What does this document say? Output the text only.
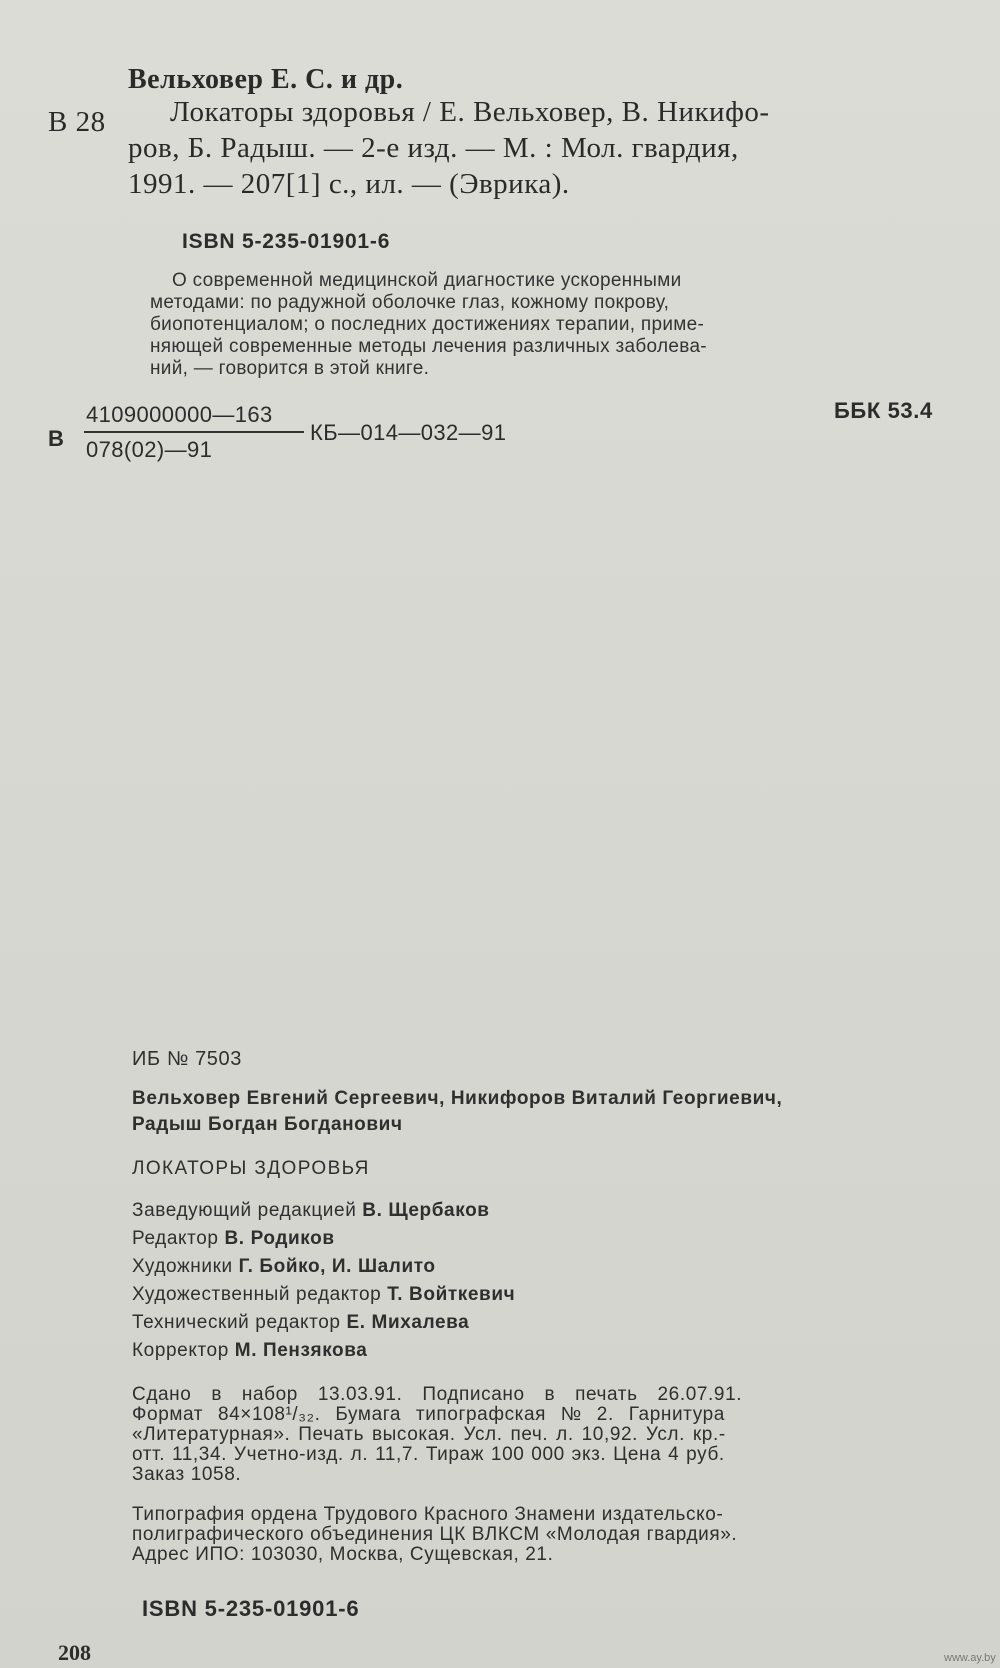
Вельховер Е. С. и др.
В 28 Локаторы здоровья / Е. Вельховер, В. Никифо-
ров, Б. Радыш. — 2-е изд. — М. : Мол. гвардия,
1991. — 207[1] с., ил. — (Эврика).
ISBN 5-235-01901-6
О современной медицинской диагностике ускоренными
методами: по радужной оболочке глаз, кожному покрову,
биопотенциалом; о последних достижениях терапии, приме-
няющей современные методы лечения различных заболева-
ний, — говорится в этой книге.
В
4109000000—163
078(02)—91
КБ—014—032—91
ББК 53.4
ИБ № 7503
Вельховер Евгений Сергеевич, Никифоров Виталий Георгиевич,
Радыш Богдан Богданович
ЛОКАТОРЫ ЗДОРОВЬЯ
Заведующий редакцией В. Щербаков
Редактор В. Родиков
Художники Г. Бойко, И. Шалито
Художественный редактор Т. Войткевич
Технический редактор Е. Михалева
Корректор М. Пензякова
Сдано в набор 13.03.91. Подписано в печать 26.07.91.
Формат 84×108¹/₃₂. Бумага типографская № 2. Гарнитура
«Литературная». Печать высокая. Усл. печ. л. 10,92. Усл. кр.-
отт. 11,34. Учетно-изд. л. 11,7. Тираж 100 000 экз. Цена 4 руб.
Заказ 1058.
Типография ордена Трудового Красного Знамени издательско-
полиграфического объединения ЦК ВЛКСМ «Молодая гвардия».
Адрес ИПО: 103030, Москва, Сущевская, 21.
ISBN 5-235-01901-6
208	www.ay.by
